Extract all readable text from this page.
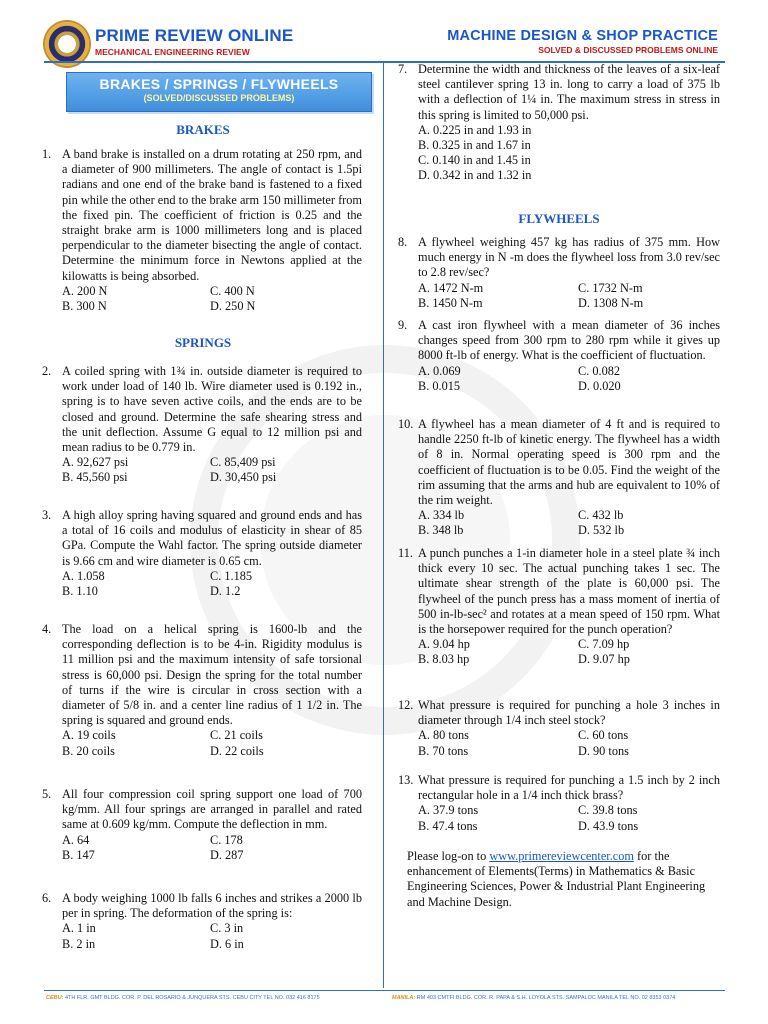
PRIME REVIEW ONLINE
MECHANICAL ENGINEERING REVIEW
MACHINE DESIGN & SHOP PRACTICE
SOLVED & DISCUSSED PROBLEMS ONLINE
BRAKES / SPRINGS / FLYWHEELS
(SOLVED/DISCUSSED PROBLEMS)
BRAKES
SPRINGS
FLYWHEELS
1. A band brake is installed on a drum rotating at 250 rpm, and a diameter of 900 millimeters. The angle of contact is 1.5pi radians and one end of the brake band is fastened to a fixed pin while the other end to the brake arm 150 millimeter from the fixed pin. The coefficient of friction is 0.25 and the straight brake arm is 1000 millimeters long and is placed perpendicular to the diameter bisecting the angle of contact. Determine the minimum force in Newtons applied at the kilowatts is being absorbed.
A. 200 N	C. 400 N
B. 300 N	D. 250 N
2. A coiled spring with 1¾ in. outside diameter is required to work under load of 140 lb. Wire diameter used is 0.192 in., spring is to have seven active coils, and the ends are to be closed and ground. Determine the safe shearing stress and the unit deflection. Assume G equal to 12 million psi and mean radius to be 0.779 in.
A. 92,627 psi	C. 85,409 psi
B. 45,560 psi	D. 30,450 psi
3. A high alloy spring having squared and ground ends and has a total of 16 coils and modulus of elasticity in shear of 85 GPa. Compute the Wahl factor. The spring outside diameter is 9.66 cm and wire diameter is 0.65 cm.
A. 1.058	C. 1.185
B. 1.10	D. 1.2
4. The load on a helical spring is 1600-lb and the corresponding deflection is to be 4-in. Rigidity modulus is 11 million psi and the maximum intensity of safe torsional stress is 60,000 psi. Design the spring for the total number of turns if the wire is circular in cross section with a diameter of 5/8 in. and a center line radius of 1 1/2 in. The spring is squared and ground ends.
A. 19 coils	C. 21 coils
B. 20 coils	D. 22 coils
5. All four compression coil spring support one load of 700 kg/mm. All four springs are arranged in parallel and rated same at 0.609 kg/mm. Compute the deflection in mm.
A. 64	C. 178
B. 147	D. 287
6. A body weighing 1000 lb falls 6 inches and strikes a 2000 lb per in spring. The deformation of the spring is:
A. 1 in	C. 3 in
B. 2 in	D. 6 in
7. Determine the width and thickness of the leaves of a six-leaf steel cantilever spring 13 in. long to carry a load of 375 lb with a deflection of 1¼ in. The maximum stress in stress in this spring is limited to 50,000 psi.
A. 0.225 in and 1.93 in
B. 0.325 in and 1.67 in
C. 0.140 in and 1.45 in
D. 0.342 in and 1.32 in
8. A flywheel weighing 457 kg has radius of 375 mm. How much energy in N -m does the flywheel loss from 3.0 rev/sec to 2.8 rev/sec?
A. 1472 N-m	C. 1732 N-m
B. 1450 N-m	D. 1308 N-m
9. A cast iron flywheel with a mean diameter of 36 inches changes speed from 300 rpm to 280 rpm while it gives up 8000 ft-lb of energy. What is the coefficient of fluctuation.
A. 0.069	C. 0.082
B. 0.015	D. 0.020
10. A flywheel has a mean diameter of 4 ft and is required to handle 2250 ft-lb of kinetic energy. The flywheel has a width of 8 in. Normal operating speed is 300 rpm and the coefficient of fluctuation is to be 0.05. Find the weight of the rim assuming that the arms and hub are equivalent to 10% of the rim weight.
A. 334 lb	C. 432 lb
B. 348 lb	D. 532 lb
11. A punch punches a 1-in diameter hole in a steel plate ¾ inch thick every 10 sec. The actual punching takes 1 sec. The ultimate shear strength of the plate is 60,000 psi. The flywheel of the punch press has a mass moment of inertia of 500 in-lb-sec² and rotates at a mean speed of 150 rpm. What is the horsepower required for the punch operation?
A. 9.04 hp	C. 7.09 hp
B. 8.03 hp	D. 9.07 hp
12. What pressure is required for punching a hole 3 inches in diameter through 1/4 inch steel stock?
A. 80 tons	C. 60 tons
B. 70 tons	D. 90 tons
13. What pressure is required for punching a 1.5 inch by 2 inch rectangular hole in a 1/4 inch thick brass?
A. 37.9 tons	C. 39.8 tons
B. 47.4 tons	D. 43.9 tons
Please log-on to www.primereviewcenter.com for the enhancement of Elements(Terms) in Mathematics & Basic Engineering Sciences, Power & Industrial Plant Engineering and Machine Design.
CEBU: 4TH FLR. GMT BLDG. COR. P. DEL ROSARIO & JUNQUERA STS. CEBU CITY TEL NO. 032 416 8175	MANILA: RM 403 CMTFI BLDG. COR. R. PAPA & S.H. LOYOLA STS. SAMPALOC MANILA TEL NO. 02 8353 0374
